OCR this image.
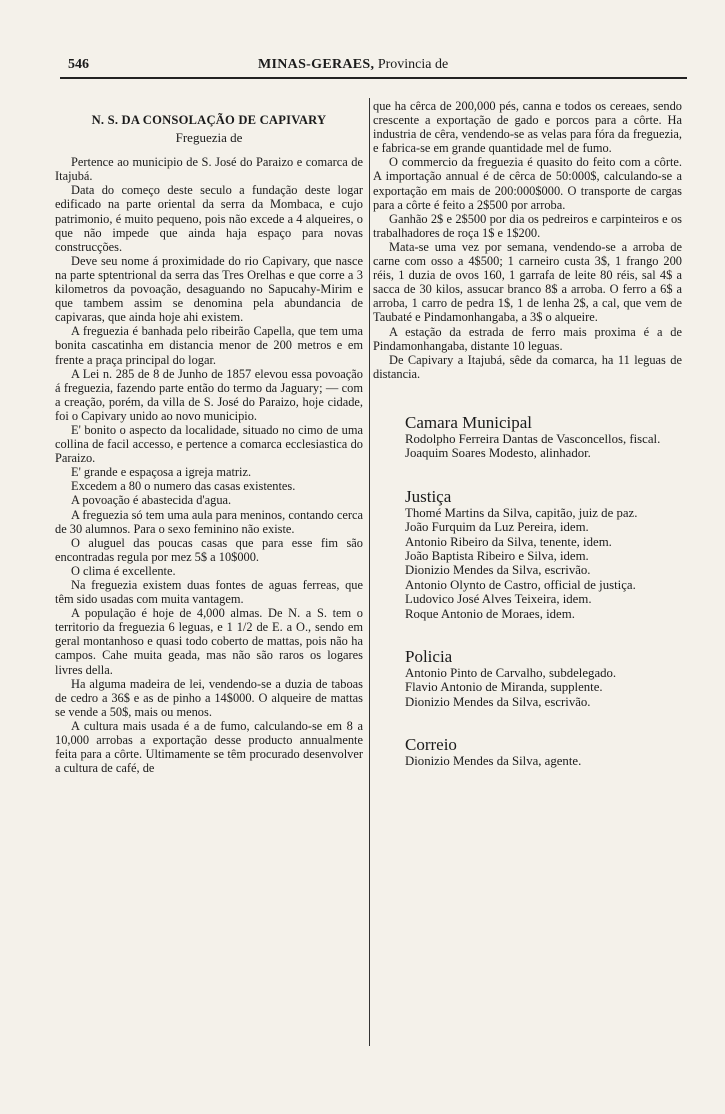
546	MINAS-GERAES, Provincia de
N. S. DA CONSOLAÇÃO DE CAPIVARY
Freguezia de

Pertence ao municipio de S. José do Paraizo e comarca de Itajubá.

Data do começo deste seculo a fundação deste logar edificado na parte oriental da serra da Mombaca, e cujo patrimonio, é muito pequeno, pois não excede a 4 alqueires, o que não impede que ainda haja espaço para novas construcções.

Deve seu nome á proximidade do rio Capivary, que nasce na parte sptentrional da serra das Tres Orelhas e que corre a 3 kilometros da povoação, desaguando no Sapucahy-Mirim e que tambem assim se denomina pela abundancia de capivaras, que ainda hoje ahi existem.

A freguezia é banhada pelo ribeirão Capella, que tem uma bonita cascatinha em distancia menor de 200 metros e em frente a praça principal do logar.

A Lei n. 285 de 8 de Junho de 1857 elevou essa povoação á freguezia, fazendo parte então do termo da Jaguary; — com a creação, porém, da villa de S. José do Paraizo, hoje cidade, foi o Capivary unido ao novo municipio.

E' bonito o aspecto da localidade, situado no cimo de uma collina de facil accesso, e pertence a comarca ecclesiastica do Paraizo.

E' grande e espaçosa a igreja matriz.

Excedem a 80 o numero das casas existentes.

A povoação é abastecida d'agua.

A freguezia só tem uma aula para meninos, contando cerca de 30 alumnos. Para o sexo feminino não existe.

O aluguel das poucas casas que para esse fim são encontradas regula por mez 5$ a 10$000.

O clima é excellente.

Na freguezia existem duas fontes de aguas ferreas, que têm sido usadas com muita vantagem.

A população é hoje de 4,000 almas. De N. a S. tem o territorio da freguezia 6 leguas, e 1 1/2 de E. a O., sendo em geral montanhoso e quasi todo coberto de mattas, pois não ha campos. Cahe muita geada, mas não são raros os logares livres della.

Ha alguma madeira de lei, vendendo-se a duzia de taboas de cedro a 36$ e as de pinho a 14$000. O alqueire de mattas se vende a 50$, mais ou menos.

A cultura mais usada é a de fumo, calculando-se em 8 a 10,000 arrobas a exportação desse producto annualmente feita para a côrte. Ultimamente se têm procurado desenvolver a cultura de café, de

que ha cêrca de 200,000 pés, canna e todos os cereaes, sendo crescente a exportação de gado e porcos para a côrte. Ha industria de cêra, vendendo-se as velas para fóra da freguezia, e fabrica-se em grande quantidade mel de fumo.

O commercio da freguezia é quasito do feito com a côrte. A importação annual é de cêrca de 50:000$, calculando-se a exportação em mais de 200:000$000. O transporte de cargas para a côrte é feito a 2$500 por arroba.

Ganhão 2$ e 2$500 por dia os pedreiros e carpinteiros e os trabalhadores de roça 1$ e 1$200.

Mata-se uma vez por semana, vendendo-se a arroba de carne com osso a 4$500; 1 carneiro custa 3$, 1 frango 200 réis, 1 duzia de ovos 160, 1 garrafa de leite 80 réis, sal 4$ a sacca de 30 kilos, assucar branco 8$ a arroba. O ferro a 6$ a arroba, 1 carro de pedra 1$, 1 de lenha 2$, a cal, que vem de Taubaté e Pindamonhangaba, a 3$ o alqueire.

A estação da estrada de ferro mais proxima é a de Pindamonhangaba, distante 10 leguas.

De Capivary a Itajubá, sêde da comarca, ha 11 leguas de distancia.

Camara Municipal

Rodolpho Ferreira Dantas de Vasconcellos, fiscal.

Joaquim Soares Modesto, alinhador.

Justiça

Thomé Martins da Silva, capitão, juiz de paz.

João Furquim da Luz Pereira, idem.

Antonio Ribeiro da Silva, tenente, idem.

João Baptista Ribeiro e Silva, idem.

Dionizio Mendes da Silva, escrivão.

Antonio Olynto de Castro, official de justiça.

Ludovico José Alves Teixeira, idem.

Roque Antonio de Moraes, idem.

Policia

Antonio Pinto de Carvalho, subdelegado.

Flavio Antonio de Miranda, supplente.

Dionizio Mendes da Silva, escrivão.

Correio

Dionizio Mendes da Silva, agente.
